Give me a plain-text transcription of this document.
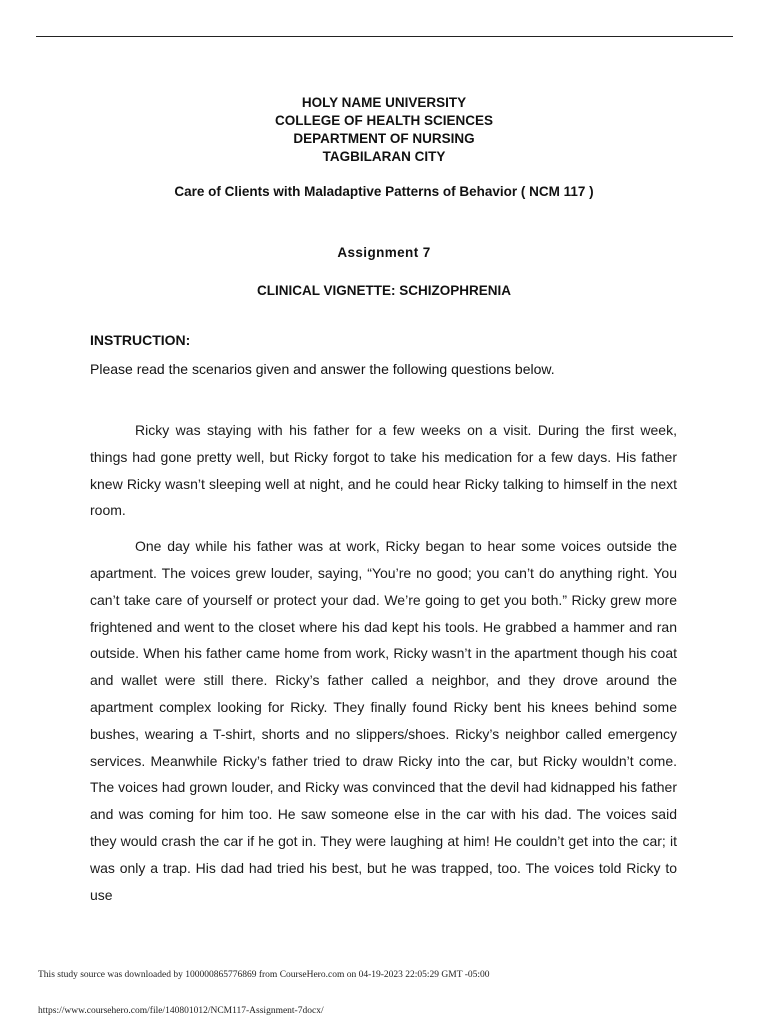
HOLY NAME UNIVERSITY
COLLEGE OF HEALTH SCIENCES
DEPARTMENT OF NURSING
TAGBILARAN CITY
Care of Clients with Maladaptive Patterns of Behavior ( NCM 117 )
Assignment 7
CLINICAL VIGNETTE: SCHIZOPHRENIA
INSTRUCTION:
Please read the scenarios given and answer the following questions below.

Ricky was staying with his father for a few weeks on a visit. During the first week, things had gone pretty well, but Ricky forgot to take his medication for a few days. His father knew Ricky wasn’t sleeping well at night, and he could hear Ricky talking to himself in the next room.

One day while his father was at work, Ricky began to hear some voices outside the apartment. The voices grew louder, saying, “You’re no good; you can’t do anything right. You can’t take care of yourself or protect your dad. We’re going to get you both.” Ricky grew more frightened and went to the closet where his dad kept his tools. He grabbed a hammer and ran outside. When his father came home from work, Ricky wasn’t in the apartment though his coat and wallet were still there. Ricky’s father called a neighbor, and they drove around the apartment complex looking for Ricky. They finally found Ricky bent his knees behind some bushes, wearing a T-shirt, shorts and no slippers/shoes. Ricky’s neighbor called emergency services. Meanwhile Ricky’s father tried to draw Ricky into the car, but Ricky wouldn’t come. The voices had grown louder, and Ricky was convinced that the devil had kidnapped his father and was coming for him too. He saw someone else in the car with his dad. The voices said they would crash the car if he got in. They were laughing at him! He couldn’t get into the car; it was only a trap. His dad had tried his best, but he was trapped, too. The voices told Ricky to use

This study source was downloaded by 100000865776869 from CourseHero.com on 04-19-2023 22:05:29 GMT -05:00
https://www.coursehero.com/file/140801012/NCM117-Assignment-7docx/
